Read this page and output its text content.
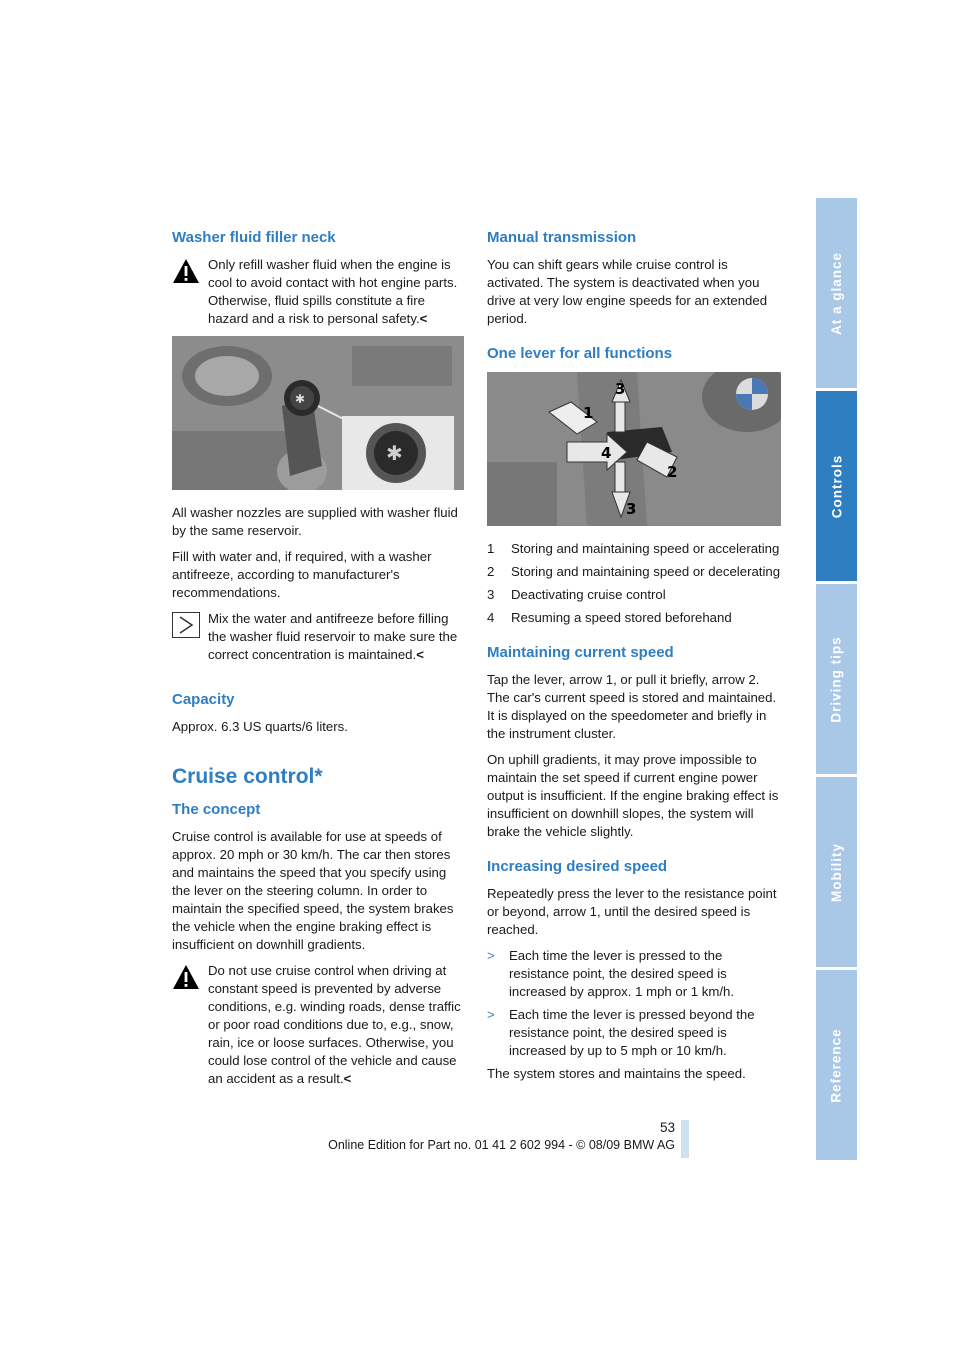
Washer fluid filler neck

Only refill washer fluid when the engine is cool to avoid contact with hot engine parts. Otherwise, fluid spills constitute a fire hazard and a risk to personal safety.<

✱
✱

All washer nozzles are supplied with washer fluid by the same reservoir.

Fill with water and, if required, with a washer antifreeze, according to manufacturer's recommendations.

Mix the water and antifreeze before filling the washer fluid reservoir to make sure the correct concentration is maintained.<

Capacity

Approx. 6.3 US quarts/6 liters.

Cruise control*
The concept

Cruise control is available for use at speeds of approx. 20 mph or 30 km/h. The car then stores and maintains the speed that you specify using the lever on the steering column. In order to maintain the specified speed, the system brakes the vehicle when the engine braking effect is insufficient on downhill gradients.

Do not use cruise control when driving at constant speed is prevented by adverse conditions, e.g. winding roads, dense traffic or poor road conditions due to, e.g., snow, rain, ice or loose surfaces. Otherwise, you could lose control of the vehicle and cause an accident as a result.<

Manual transmission

You can shift gears while cruise control is activated. The system is deactivated when you drive at very low engine speeds for an extended period.

One lever for all functions
1
2
3
3
4
1	Storing and maintaining speed or accelerating
2	Storing and maintaining speed or decelerating
3	Deactivating cruise control
4	Resuming a speed stored beforehand
Maintaining current speed

Tap the lever, arrow 1, or pull it briefly, arrow 2. The car's current speed is stored and maintained. It is displayed on the speedometer and briefly in the instrument cluster.

On uphill gradients, it may prove impossible to maintain the set speed if current engine power output is insufficient. If the engine braking effect is insufficient on downhill slopes, the system will brake the vehicle slightly.

Increasing desired speed

Repeatedly press the lever to the resistance point or beyond, arrow 1, until the desired speed is reached.

>	Each time the lever is pressed to the resistance point, the desired speed is increased by approx. 1 mph or 1 km/h.
>	Each time the lever is pressed beyond the resistance point, the desired speed is increased by up to 5 mph or 10 km/h.

The system stores and maintains the speed.

At a glance
Controls
Driving tips
Mobility
Reference
53
Online Edition for Part no. 01 41 2 602 994 - © 08/09 BMW AG
